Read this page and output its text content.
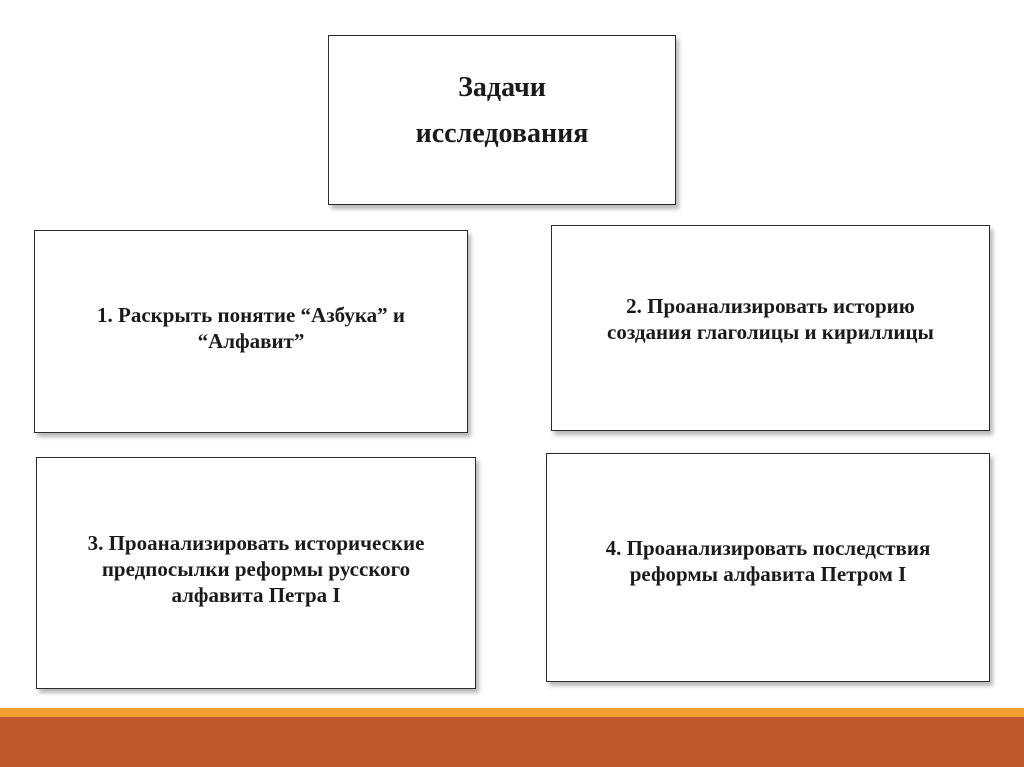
Задачи
исследования
1. Раскрыть понятие “Азбука” и
“Алфавит”
2. Проанализировать историю
создания глаголицы и кириллицы
3. Проанализировать исторические
предпосылки реформы русского
алфавита Петра I
4. Проанализировать последствия
реформы алфавита Петром I
